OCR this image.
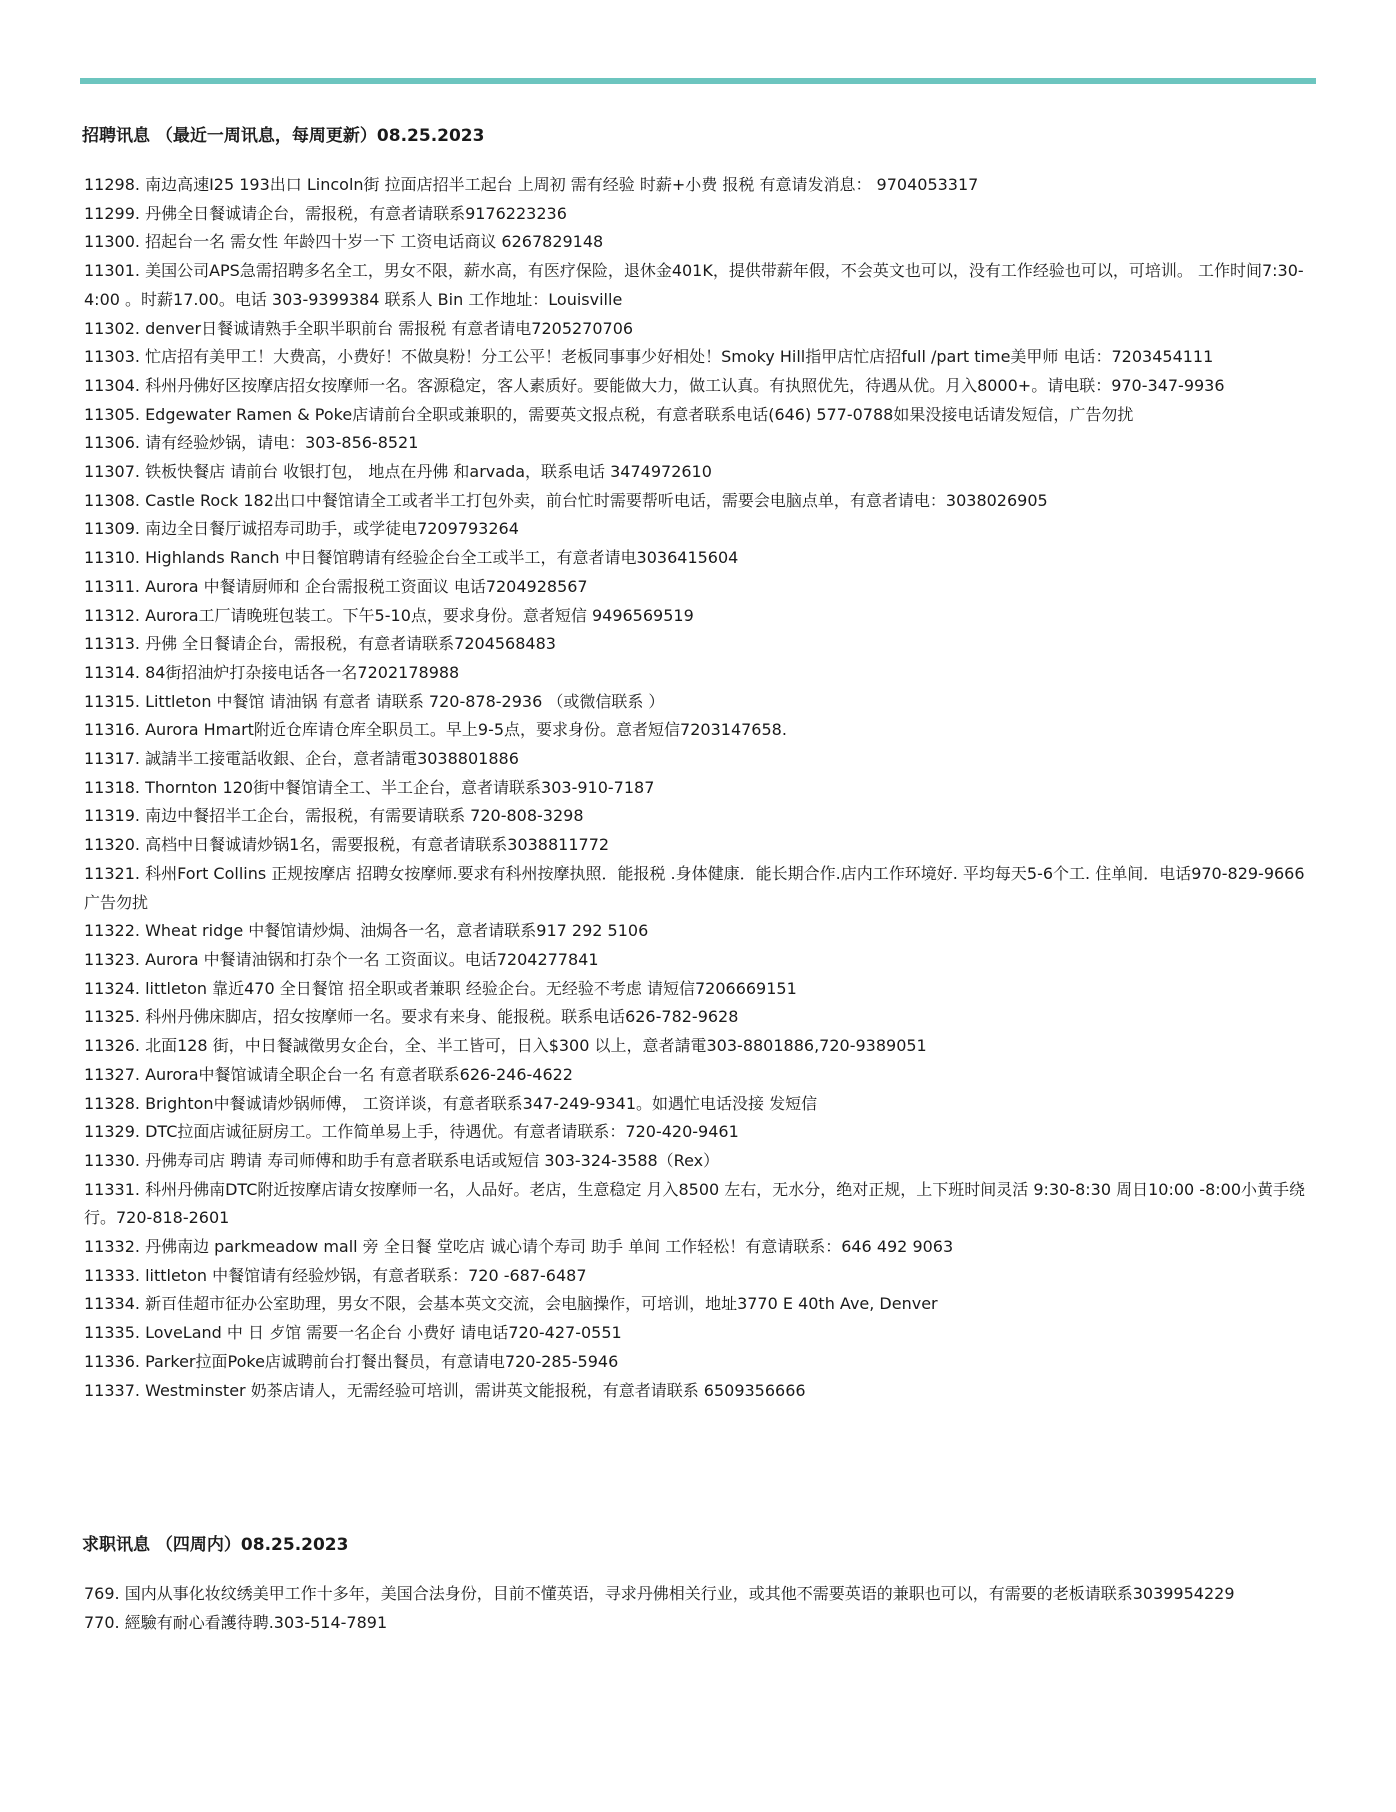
招聘讯息 （最近一周讯息，每周更新）08.25.2023
11298. 南边高速I25 193出口 Lincoln街 拉面店招半工起台 上周初 需有经验 时薪+小费 报税 有意请发消息： 9704053317
11299. 丹佛全日餐诚请企台，需报税，有意者请联系9176223236
11300. 招起台一名 需女性 年龄四十岁一下 工资电话商议 6267829148
11301. 美国公司APS急需招聘多名全工，男女不限，薪水高，有医疗保险，退休金401K，提供带薪年假，不会英文也可以，没有工作经验也可以，可培训。 工作时间7:30-4:00 。时薪17.00。电话 303-9399384 联系人 Bin 工作地址：Louisville
11302. denver日餐诚请熟手全职半职前台 需报税 有意者请电7205270706
11303. 忙店招有美甲工！大费高，小费好！不做臭粉！分工公平！老板同事事少好相处！Smoky Hill指甲店忙店招full /part time美甲师 电话：7203454111
11304. 科州丹佛好区按摩店招女按摩师一名。客源稳定，客人素质好。要能做大力，做工认真。有执照优先，待遇从优。月入8000+。请电联：970-347-9936
11305. Edgewater Ramen & Poke店请前台全职或兼职的，需要英文报点税，有意者联系电话(646) 577-0788如果没接电话请发短信，广告勿扰
11306. 请有经验炒锅，请电：303-856-8521
11307. 铁板快餐店 请前台 收银打包， 地点在丹佛 和arvada，联系电话 3474972610
11308. Castle Rock 182出口中餐馆请全工或者半工打包外卖，前台忙时需要帮听电话，需要会电脑点单，有意者请电：3038026905
11309. 南边全日餐厅诚招寿司助手，或学徒电7209793264
11310. Highlands Ranch 中日餐馆聘请有经验企台全工或半工，有意者请电3036415604
11311. Aurora 中餐请厨师和 企台需报税工资面议 电话7204928567
11312. Aurora工厂请晚班包装工。下午5-10点，要求身份。意者短信 9496569519
11313. 丹佛 全日餐请企台，需报税，有意者请联系7204568483
11314. 84街招油炉打杂接电话各一名7202178988
11315. Littleton 中餐馆 请油锅 有意者 请联系 720-878-2936 （或微信联系 ）
11316. Aurora Hmart附近仓库请仓库全职员工。早上9-5点，要求身份。意者短信7203147658.
11317. 誠請半工接電話收銀、企台，意者請電3038801886
11318. Thornton 120街中餐馆请全工、半工企台，意者请联系303-910-7187
11319. 南边中餐招半工企台，需报税，有需要请联系 720-808-3298
11320. 高档中日餐诚请炒锅1名，需要报税，有意者请联系3038811772
11321. 科州Fort Collins 正规按摩店 招聘女按摩师.要求有科州按摩执照．能报税 .身体健康．能长期合作.店内工作环境好. 平均每天5-6个工. 住单间．电话970-829-9666广告勿扰
11322. Wheat ridge 中餐馆请炒焗、油焗各一名，意者请联系917 292 5106
11323. Aurora 中餐请油锅和打杂个一名 工资面议。电话7204277841
11324. littleton 靠近470 全日餐馆 招全职或者兼职 经验企台。无经验不考虑 请短信7206669151
11325. 科州丹佛床脚店，招女按摩师一名。要求有来身、能报税。联系电话626-782-9628
11326. 北面128 街，中日餐誠徵男女企台，全、半工皆可，日入$300 以上，意者請電303-8801886,720-9389051
11327. Aurora中餐馆诚请全职企台一名 有意者联系626-246-4622
11328. Brighton中餐诚请炒锅师傅， 工资详谈，有意者联系347-249-9341。如遇忙电话没接 发短信
11329. DTC拉面店诚征厨房工。工作简单易上手，待遇优。有意者请联系：720-420-9461
11330. 丹佛寿司店 聘请 寿司师傅和助手有意者联系电话或短信 303-324-3588（Rex）
11331. 科州丹佛南DTC附近按摩店请女按摩师一名，人品好。老店，生意稳定 月入8500 左右，无水分，绝对正规，上下班时间灵活 9:30-8:30 周日10:00 -8:00小黄手绕行。720-818-2601
11332. 丹佛南边 parkmeadow mall 旁 全日餐 堂吃店 诚心请个寿司 助手 单间 工作轻松！有意请联系：646 492 9063
11333. littleton 中餐馆请有经验炒锅，有意者联系：720 -687-6487
11334. 新百佳超市征办公室助理，男女不限，会基本英文交流，会电脑操作，可培训，地址3770 E 40th Ave, Denver
11335. LoveLand 中 日 歺馆 需要一名企台 小费好 请电话720-427-0551
11336. Parker拉面Poke店诚聘前台打餐出餐员，有意请电720-285-5946
11337. Westminster 奶茶店请人，无需经验可培训，需讲英文能报税，有意者请联系 6509356666
求职讯息 （四周内）08.25.2023
769. 国内从事化妆纹绣美甲工作十多年，美国合法身份，目前不懂英语，寻求丹佛相关行业，或其他不需要英语的兼职也可以，有需要的老板请联系3039954229
770. 經驗有耐心看護待聘.303-514-7891
